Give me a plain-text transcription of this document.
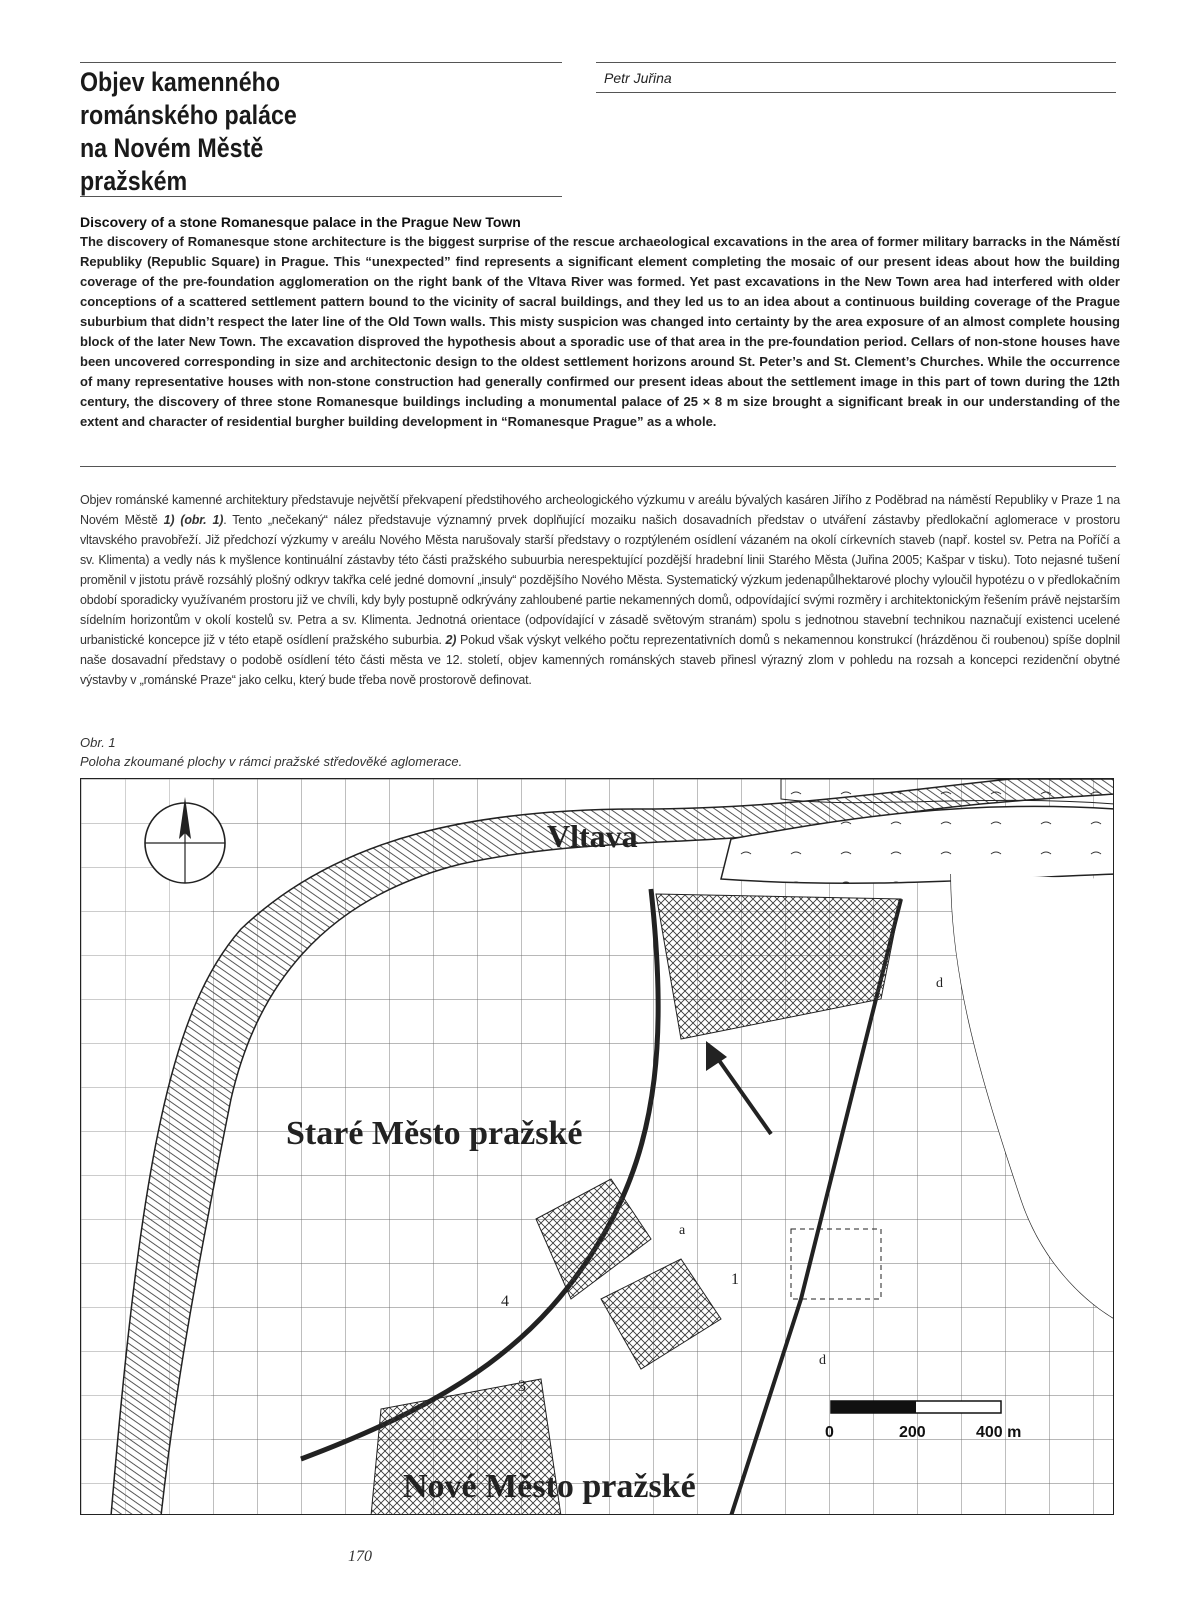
Objev kamenného
románského paláce
na Novém Městě
pražském
Petr Juřina
Discovery of a stone Romanesque palace in the Prague New Town

The discovery of Romanesque stone architecture is the biggest surprise of the rescue archaeological excavations in the area of former military barracks in the Náměstí Republiky (Republic Square) in Prague. This “unexpected” find represents a significant element completing the mosaic of our present ideas about how the building coverage of the pre-foundation agglomeration on the right bank of the Vltava River was formed. Yet past excavations in the New Town area had interfered with older conceptions of a scattered settlement pattern bound to the vicinity of sacral buildings, and they led us to an idea about a continuous building coverage of the Prague suburbium that didn’t respect the later line of the Old Town walls. This misty suspicion was changed into certainty by the area exposure of an almost complete housing block of the later New Town. The excavation disproved the hypothesis about a sporadic use of that area in the pre-foundation period. Cellars of non-stone houses have been uncovered corresponding in size and architectonic design to the oldest settlement horizons around St. Peter’s and St. Clement’s Churches. While the occurrence of many representative houses with non-stone construction had generally confirmed our present ideas about the settlement image in this part of town during the 12th century, the discovery of three stone Romanesque buildings including a monumental palace of 25 × 8 m size brought a significant break in our understanding of the extent and character of residential burgher building development in “Romanesque Prague” as a whole.

Objev románské kamenné architektury představuje největší překvapení předstihového archeologického výzkumu v areálu bývalých kasáren Jiřího z Poděbrad na náměstí Republiky v Praze 1 na Novém Městě 1) (obr. 1). Tento „nečekaný“ nález představuje významný prvek doplňující mozaiku našich dosavadních představ o utváření zástavby předlokační aglomerace v prostoru vltavského pravobřeží. Již předchozí výzkumy v areálu Nového Města narušovaly starší představy o rozptýleném osídlení vázaném na okolí církevních staveb (např. kostel sv. Petra na Poříčí a sv. Klimenta) a vedly nás k myšlence kontinuální zástavby této části pražského subuurbia nerespektující pozdější hradební linii Starého Města (Juřina 2005; Kašpar v tisku). Toto nejasné tušení proměnil v jistotu právě rozsáhlý plošný odkryv takřka celé jedné domovní „insuly“ pozdějšího Nového Města. Systematický výzkum jedenapůlhektarové plochy vyloučil hypotézu o v předlokačním období sporadicky využívaném prostoru již ve chvíli, kdy byly postupně odkrývány zahloubené partie nekamenných domů, odpovídající svými rozměry i architektonickým řešením právě nejstarším sídelním horizontům v okolí kostelů sv. Petra a sv. Klimenta. Jednotná orientace (odpovídající v zásadě světovým stranám) spolu s jednotnou stavební technikou naznačují existenci ucelené urbanistické koncepce již v této etapě osídlení pražského suburbia. 2) Pokud však výskyt velkého počtu reprezentativních domů s nekamennou konstrukcí (hrázděnou či roubenou) spíše doplnil naše dosavadní představy o podobě osídlení této části města ve 12. století, objev kamenných románských staveb přinesl výrazný zlom v pohledu na rozsah a koncepci rezidenční obytné výstavby v „románské Praze“ jako celku, který bude třeba nově prostorově definovat.

Obr. 1
Poloha zkoumané plochy v rámci pražské středověké aglomerace.
Vltava
Staré Město pražské
Nové Město pražské
1
3
4
a
d
d
0	200	400 m
170
